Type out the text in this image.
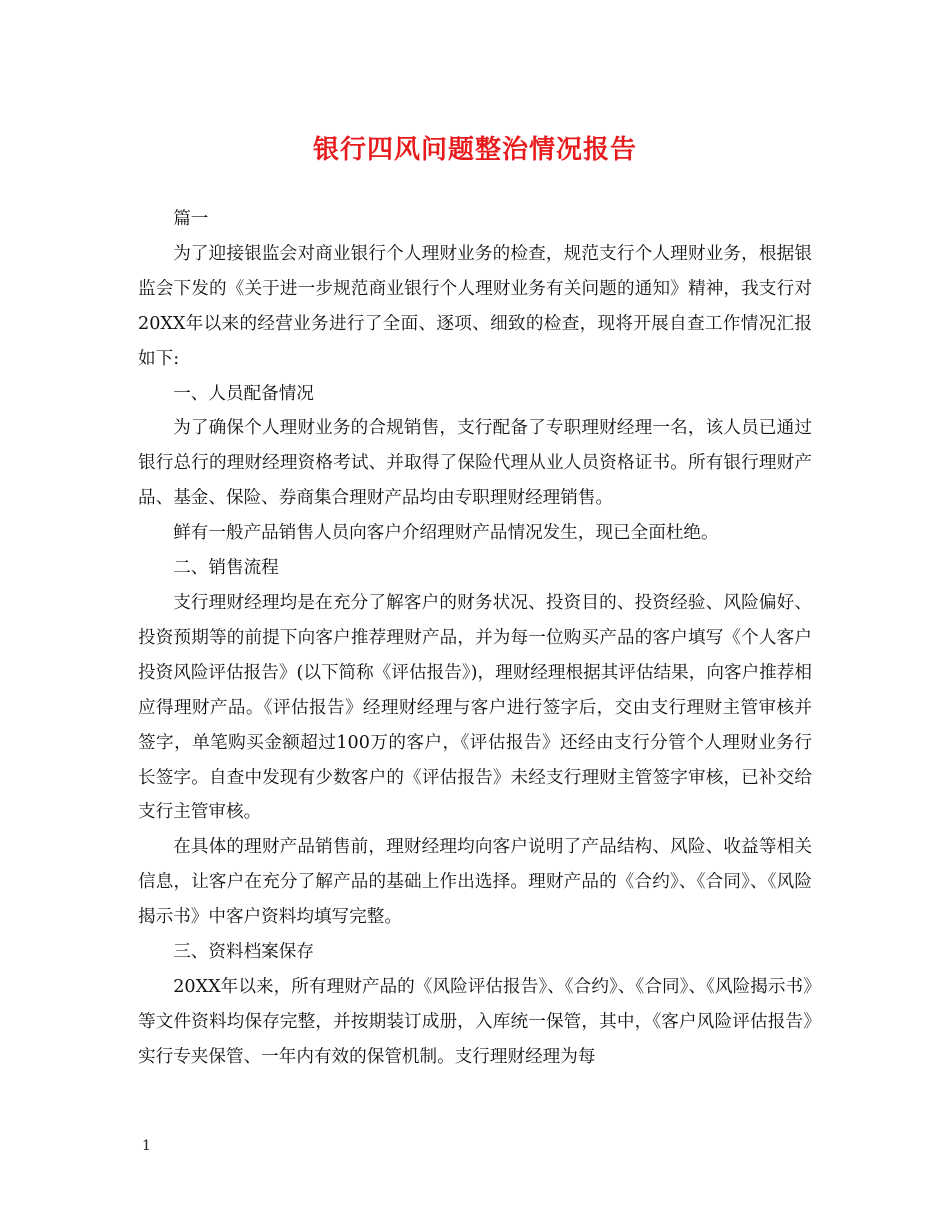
银行四风问题整治情况报告

篇一

为了迎接银监会对商业银行个人理财业务的检查，规范支行个人理财业务，根据银监会下发的《关于进一步规范商业银行个人理财业务有关问题的通知》精神，我支行对20XX年以来的经营业务进行了全面、逐项、细致的检查，现将开展自查工作情况汇报如下:

一、人员配备情况

为了确保个人理财业务的合规销售，支行配备了专职理财经理一名，该人员已通过银行总行的理财经理资格考试、并取得了保险代理从业人员资格证书。所有银行理财产品、基金、保险、券商集合理财产品均由专职理财经理销售。

鲜有一般产品销售人员向客户介绍理财产品情况发生，现已全面杜绝。

二、销售流程

支行理财经理均是在充分了解客户的财务状况、投资目的、投资经验、风险偏好、投资预期等的前提下向客户推荐理财产品，并为每一位购买产品的客户填写《个人客户投资风险评估报告》(以下简称《评估报告》)，理财经理根据其评估结果，向客户推荐相应得理财产品。《评估报告》经理财经理与客户进行签字后，交由支行理财主管审核并签字，单笔购买金额超过100万的客户，《评估报告》还经由支行分管个人理财业务行长签字。自查中发现有少数客户的《评估报告》未经支行理财主管签字审核，已补交给支行主管审核。

在具体的理财产品销售前，理财经理均向客户说明了产品结构、风险、收益等相关信息，让客户在充分了解产品的基础上作出选择。理财产品的《合约》、《合同》、《风险揭示书》中客户资料均填写完整。

三、资料档案保存

20XX年以来，所有理财产品的《风险评估报告》、《合约》、《合同》、《风险揭示书》等文件资料均保存完整，并按期装订成册，入库统一保管，其中，《客户风险评估报告》实行专夹保管、一年内有效的保管机制。支行理财经理为每

1
